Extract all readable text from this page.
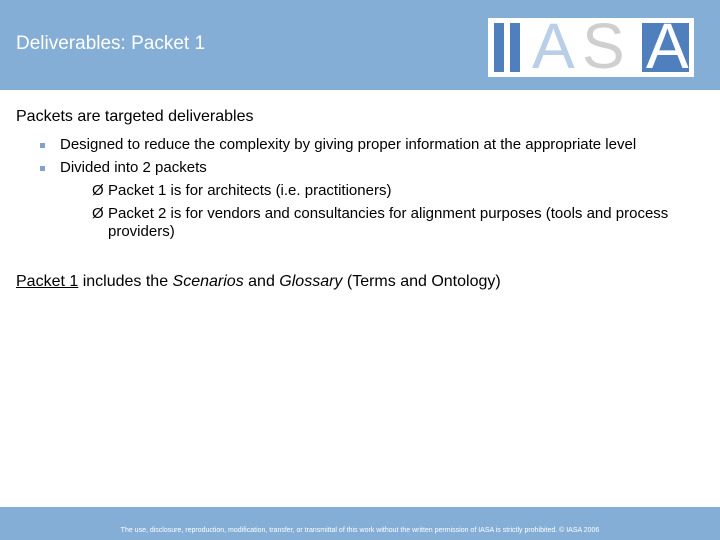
Deliverables: Packet 1	A S A
Packets are targeted deliverables
Designed to reduce the complexity by giving proper information at the appropriate level
Divided into 2 packets
Ø Packet 1 is for architects (i.e. practitioners)
Ø Packet 2 is for vendors and consultancies for alignment purposes (tools and process providers)
Packet 1 includes the Scenarios and Glossary (Terms and Ontology)
The use, disclosure, reproduction, modification, transfer, or transmittal of this work without the written permission of IASA is strictly prohibited. © IASA 2006
